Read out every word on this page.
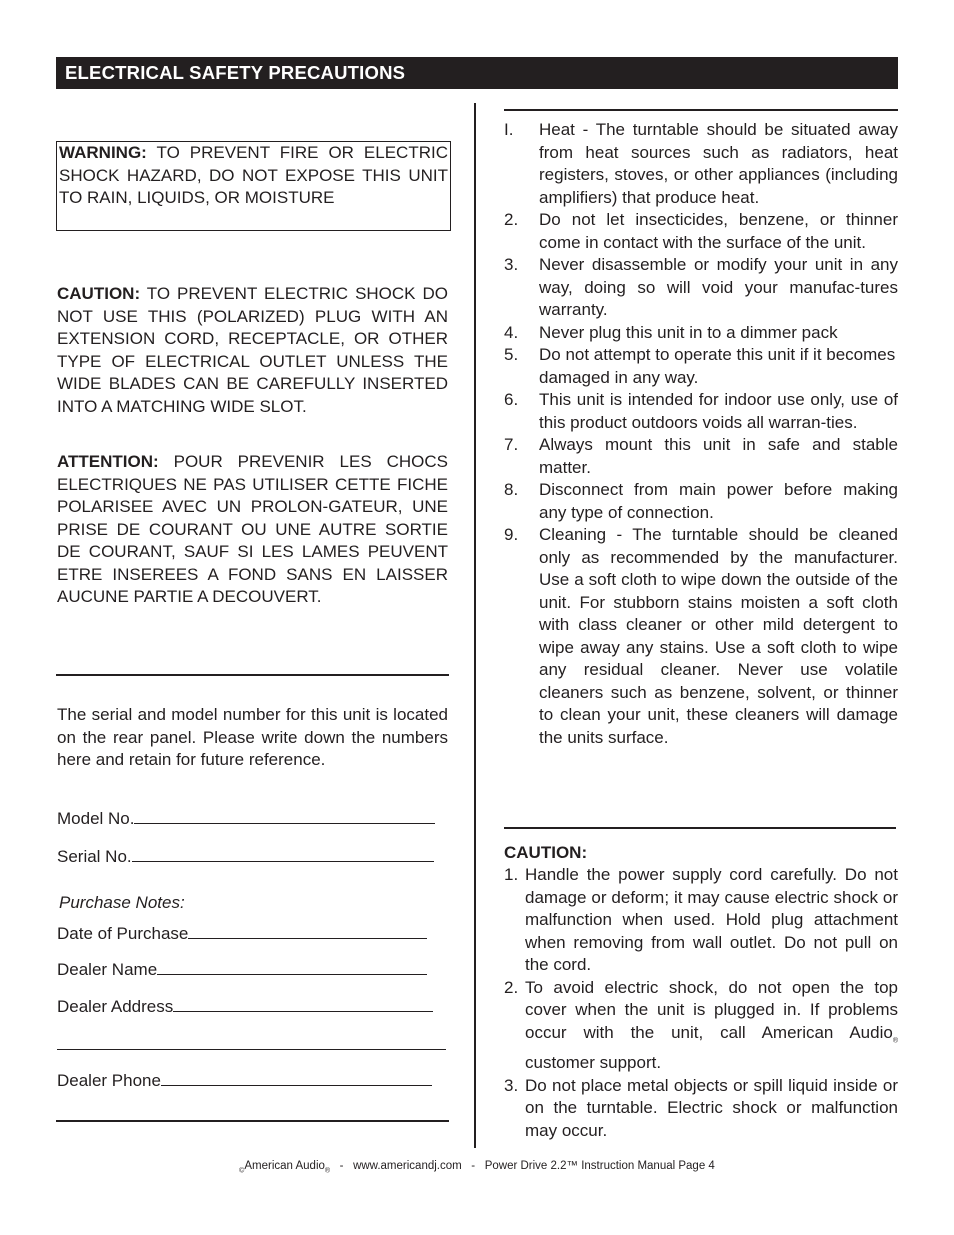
ELECTRICAL SAFETY PRECAUTIONS

WARNING: TO PREVENT FIRE OR ELECTRIC SHOCK HAZARD, DO NOT EXPOSE THIS UNIT TO RAIN, LIQUIDS, OR MOISTURE

CAUTION: TO PREVENT ELECTRIC SHOCK DO NOT USE THIS (POLARIZED) PLUG WITH AN EXTENSION CORD, RECEPTACLE, OR OTHER TYPE OF ELECTRICAL OUTLET UNLESS THE WIDE BLADES CAN BE CAREFULLY INSERTED INTO A MATCHING WIDE SLOT.

ATTENTION: POUR PREVENIR LES CHOCS ELECTRIQUES NE PAS UTILISER CETTE FICHE POLARISEE AVEC UN PROLON-GATEUR, UNE PRISE DE COURANT OU UNE AUTRE SORTIE DE COURANT, SAUF SI LES LAMES PEUVENT ETRE INSEREES A FOND SANS EN LAISSER AUCUNE PARTIE A DECOUVERT.

The serial and model number for this unit is located on the rear panel. Please write down the numbers here and retain for future reference.
Model No.
Serial No.
Purchase Notes:
Date of Purchase
Dealer Name
Dealer Address
Dealer Phone
I. Heat - The turntable should be situated away from heat sources such as radiators, heat registers, stoves, or other appliances (including amplifiers) that produce heat.
2. Do not let insecticides, benzene, or thinner come in contact with the surface of the unit.
3. Never disassemble or modify your unit in any way, doing so will void your manufac-tures warranty.
4. Never plug this unit in to a dimmer pack
5. Do not attempt to operate this unit if it becomes damaged in any way.
6. This unit is intended for indoor use only, use of this product outdoors voids all warran-ties.
7. Always mount this unit in safe and stable matter.
8. Disconnect from main power before making any type of connection.
9. Cleaning - The turntable should be cleaned only as recommended by the manufacturer. Use a soft cloth to wipe down the outside of the unit. For stubborn stains moisten a soft cloth with class cleaner or other mild detergent to wipe away any stains. Use a soft cloth to wipe any residual cleaner. Never use volatile cleaners such as benzene, solvent, or thinner to clean your unit, these cleaners will damage the units surface.
CAUTION:
1. Handle the power supply cord carefully. Do not damage or deform; it may cause electric shock or malfunction when used. Hold plug attachment when removing from wall outlet. Do not pull on the cord.
2. To avoid electric shock, do not open the top cover when the unit is plugged in. If problems occur with the unit, call American Audio$_®$ customer support.
3. Do not place metal objects or spill liquid inside or on the turntable. Electric shock or malfunction may occur.
$_©$American Audio$_®$   -   www.americandj.com   -   Power Drive 2.2™ Instruction Manual Page 4
